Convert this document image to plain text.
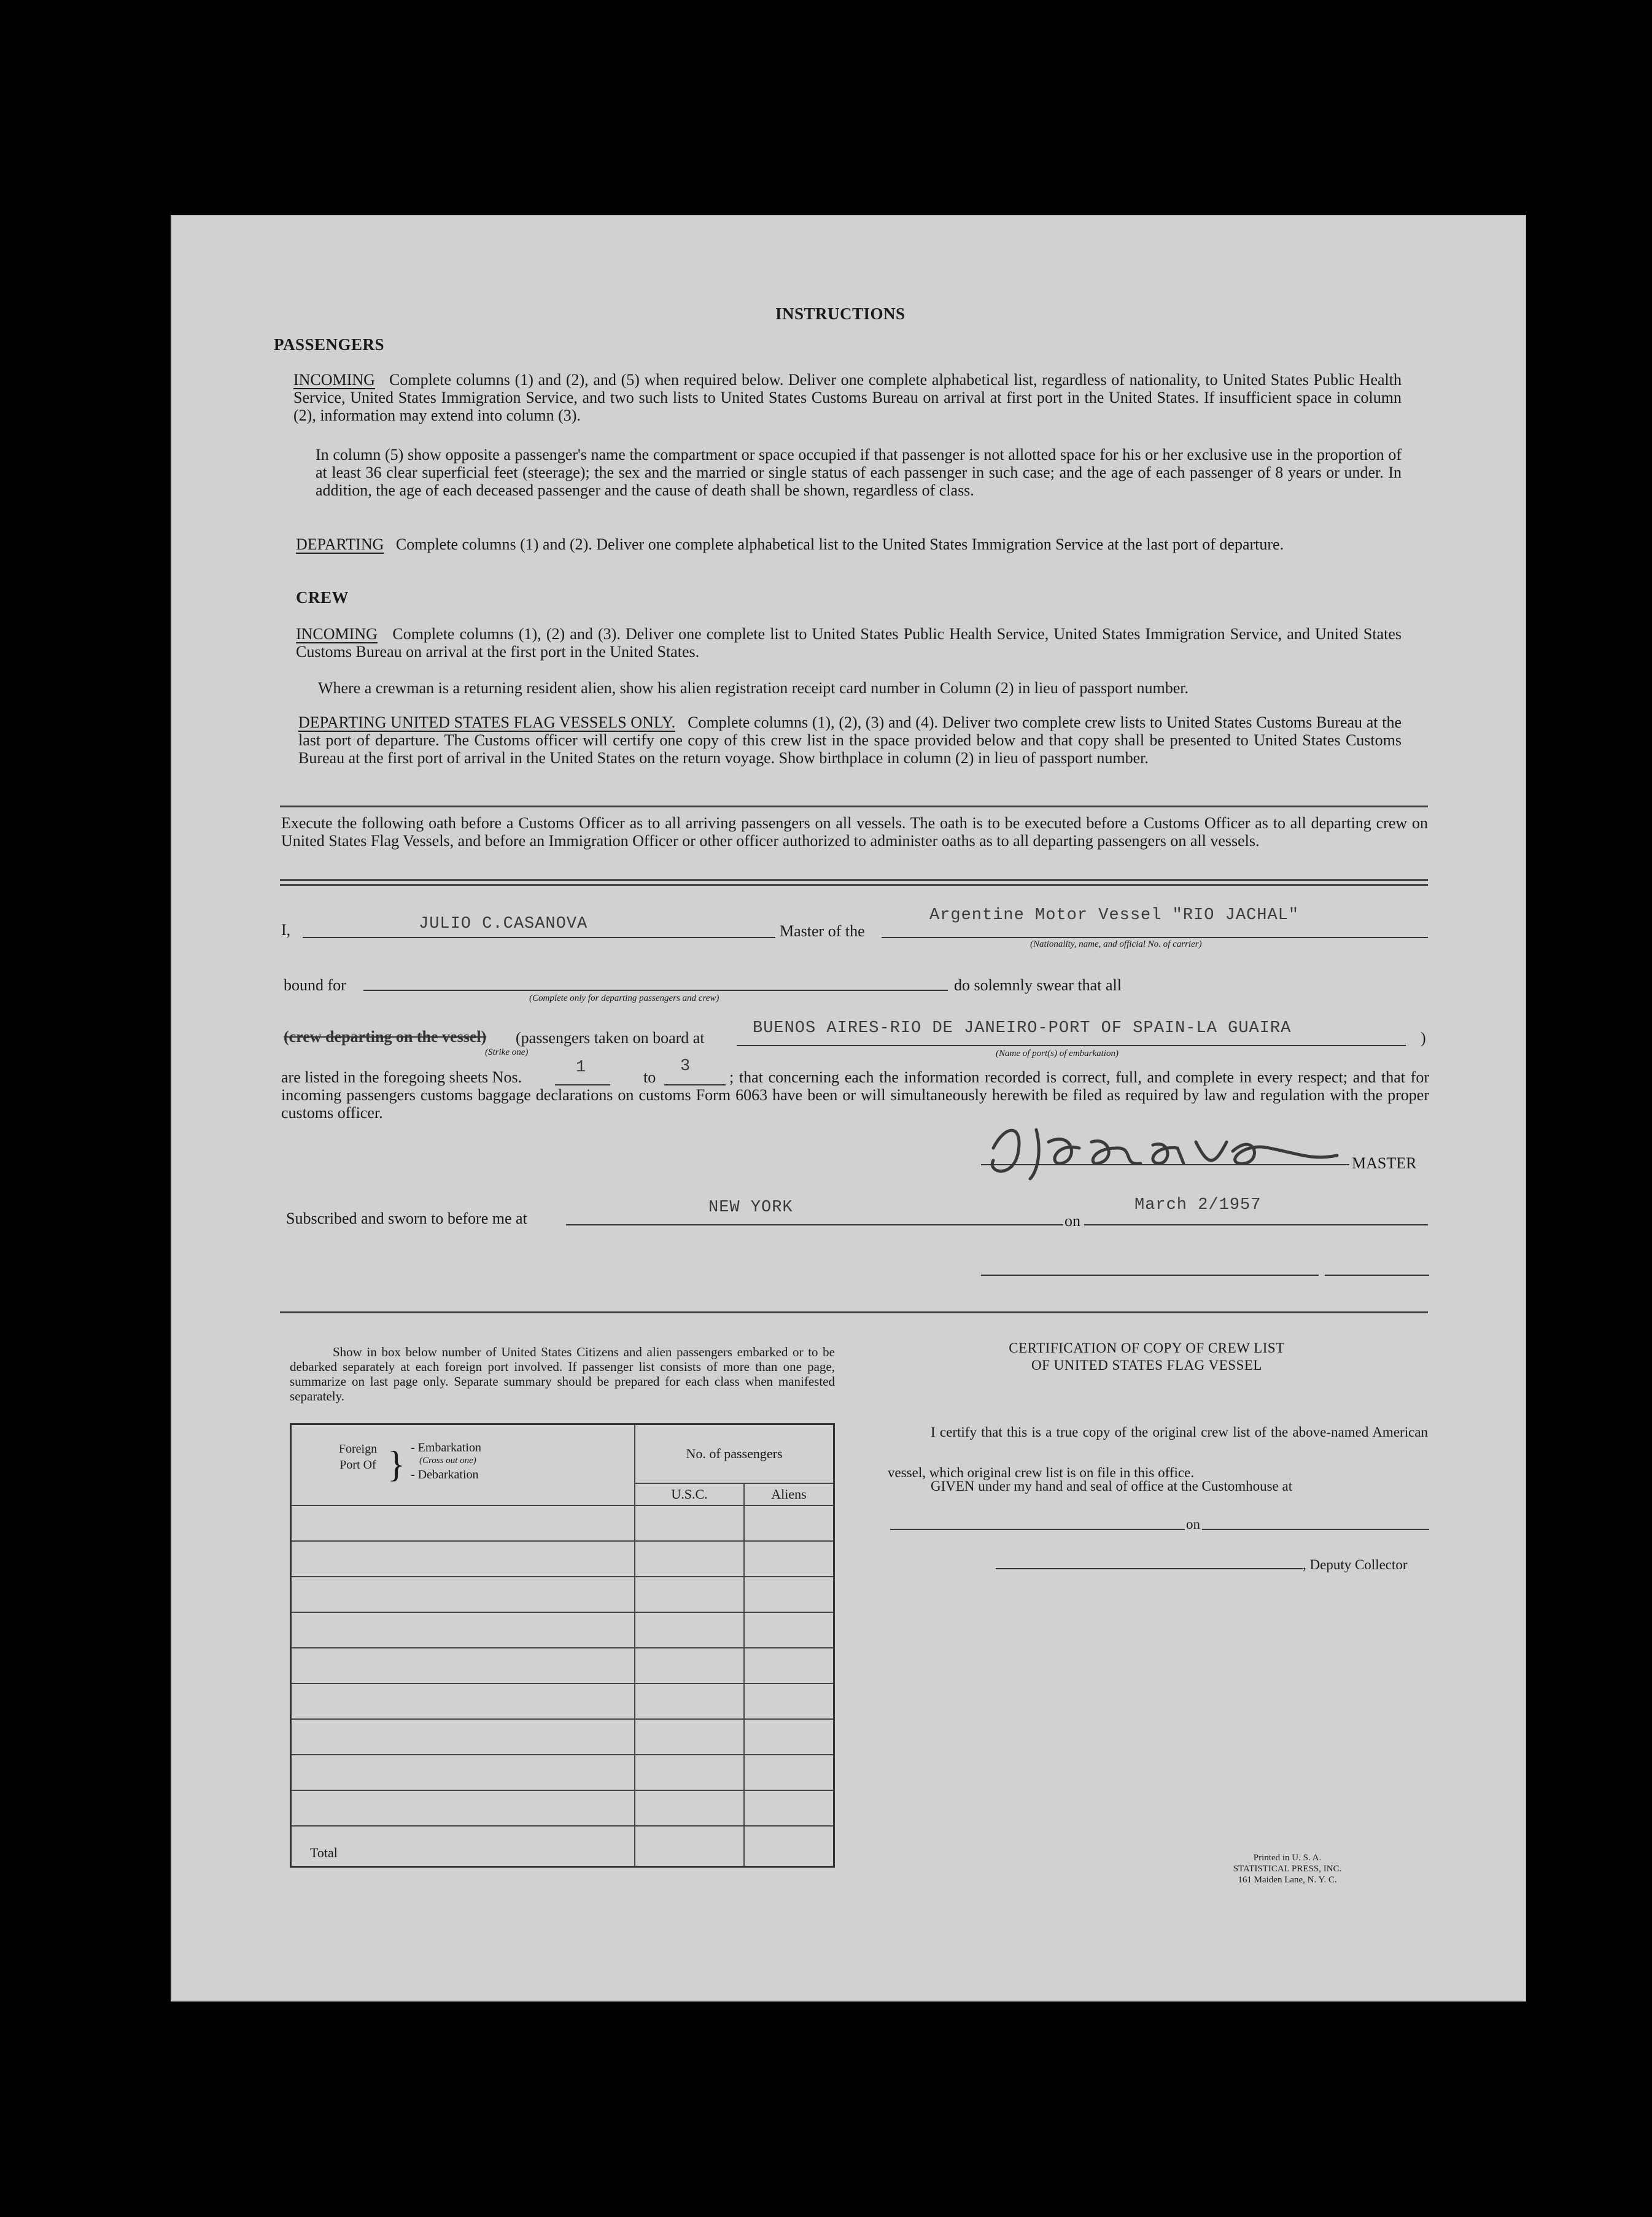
INSTRUCTIONS
PASSENGERS
INCOMING Complete columns (1) and (2), and (5) when required below. Deliver one complete alphabetical list, regardless of nationality, to United States Public Health Service, United States Immigration Service, and two such lists to United States Customs Bureau on arrival at first port in the United States. If insufficient space in column (2), information may extend into column (3).
In column (5) show opposite a passenger's name the compartment or space occupied if that passenger is not allotted space for his or her exclusive use in the proportion of at least 36 clear superficial feet (steerage); the sex and the married or single status of each passenger in such case; and the age of each passenger of 8 years or under. In addition, the age of each deceased passenger and the cause of death shall be shown, regardless of class.
DEPARTING Complete columns (1) and (2). Deliver one complete alphabetical list to the United States Immigration Service at the last port of departure.
CREW
INCOMING Complete columns (1), (2) and (3). Deliver one complete list to United States Public Health Service, United States Immigration Service, and United States Customs Bureau on arrival at the first port in the United States.
Where a crewman is a returning resident alien, show his alien registration receipt card number in Column (2) in lieu of passport number.
DEPARTING UNITED STATES FLAG VESSELS ONLY. Complete columns (1), (2), (3) and (4). Deliver two complete crew lists to United States Customs Bureau at the last port of departure. The Customs officer will certify one copy of this crew list in the space provided below and that copy shall be presented to United States Customs Bureau at the first port of arrival in the United States on the return voyage. Show birthplace in column (2) in lieu of passport number.
Execute the following oath before a Customs Officer as to all arriving passengers on all vessels. The oath is to be executed before a Customs Officer as to all departing crew on United States Flag Vessels, and before an Immigration Officer or other officer authorized to administer oaths as to all departing passengers on all vessels.
I,	JULIO C.CASANOVA	Master of the
Argentine Motor Vessel "RIO JACHAL"
(Nationality, name, and official No. of carrier)
bound for
(Complete only for departing passengers and crew)
do solemnly swear that all
(crew departing on the vessel)
(Strike one)
(passengers taken on board at
BUENOS AIRES-RIO DE JANEIRO-PORT OF SPAIN-LA GUAIRA
(Name of port(s) of embarkation)
)
are listed in the foregoing sheets Nos.
1
to
3
; that concerning each the information recorded is correct, full, and complete in every respect; and that for incoming passengers customs baggage declarations on customs Form 6063 have been or will simultaneously herewith be filed as required by law and regulation with the proper customs officer.
MASTER
Subscribed and sworn to before me at
NEW YORK
on
March 2/1957
Show in box below number of United States Citizens and alien passengers embarked or to be debarked separately at each foreign port involved. If passenger list consists of more than one page, summarize on last page only. Separate summary should be prepared for each class when manifested separately.
Foreign Port Of } - Embarkation
(Cross out one)
- Debarkation	No. of passengers	
	U.S.C.	Aliens

Total		
CERTIFICATION OF COPY OF CREW LIST
OF UNITED STATES FLAG VESSEL
I certify that this is a true copy of the original crew list of the above-named American vessel, which original crew list is on file in this office.
GIVEN under my hand and seal of office at the Customhouse at
on
, Deputy Collector
Printed in U. S. A.
STATISTICAL PRESS, INC.
161 Maiden Lane, N. Y. C.
